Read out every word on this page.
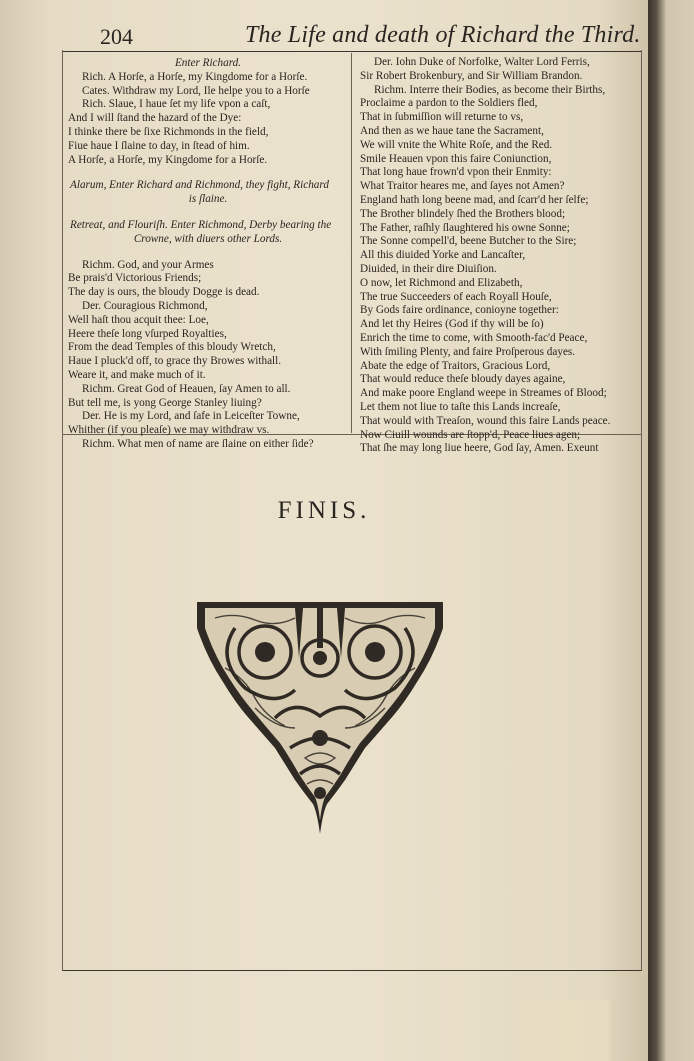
204	The Life and death of Richard the Third.
Enter Richard.
Rich. A Horſe, a Horſe, my Kingdome for a Horſe.
Cates. Withdraw my Lord, Ile helpe you to a Horſe
Rich. Slaue, I haue ſet my life vpon a caſt,
And I will ſtand the hazard of the Dye:
I thinke there be ſixe Richmonds in the field,
Fiue haue I ſlaine to day, in ſtead of him.
A Horſe, a Horſe, my Kingdome for a Horſe.
Alarum, Enter Richard and Richmond, they fight, Richard
is ſlaine.
Retreat, and Flouriſh. Enter Richmond, Derby bearing the
Crowne, with diuers other Lords.
Richm. God, and your Armes
Be prais'd Victorious Friends;
The day is ours, the bloudy Dogge is dead.
Der. Couragious Richmond,
Well haſt thou acquit thee: Loe,
Heere theſe long vſurped Royalties,
From the dead Temples of this bloudy Wretch,
Haue I pluck'd off, to grace thy Browes withall.
Weare it, and make much of it.
Richm. Great God of Heauen, ſay Amen to all.
But tell me, is yong George Stanley liuing?
Der. He is my Lord, and ſafe in Leiceſter Towne,
Whither (if you pleaſe) we may withdraw vs.
Richm. What men of name are ſlaine on either ſide?
Der. Iohn Duke of Norfolke, Walter Lord Ferris,
Sir Robert Brokenbury, and Sir William Brandon.
Richm. Interre their Bodies, as become their Births,
Proclaime a pardon to the Soldiers fled,
That in ſubmiſſion will returne to vs,
And then as we haue tane the Sacrament,
We will vnite the White Roſe, and the Red.
Smile Heauen vpon this faire Coniunction,
That long haue frown'd vpon their Enmity:
What Traitor heares me, and ſayes not Amen?
England hath long beene mad, and ſcarr'd her ſelfe;
The Brother blindely ſhed the Brothers blood;
The Father, raſhly ſlaughtered his owne Sonne;
The Sonne compell'd, beene Butcher to the Sire;
All this diuided Yorke and Lancaſter,
Diuided, in their dire Diuiſion.
O now, let Richmond and Elizabeth,
The true Succeeders of each Royall Houſe,
By Gods faire ordinance, conioyne together:
And let thy Heires (God if thy will be ſo)
Enrich the time to come, with Smooth-fac'd Peace,
With ſmiling Plenty, and faire Proſperous dayes.
Abate the edge of Traitors, Gracious Lord,
That would reduce theſe bloudy dayes againe,
And make poore England weepe in Streames of Blood;
Let them not liue to taſte this Lands increaſe,
That would with Treaſon, wound this faire Lands peace.
Now Ciuill wounds are ſtopp'd, Peace liues agen;
That ſhe may long liue heere, God ſay, Amen. Exeunt
FINIS.
